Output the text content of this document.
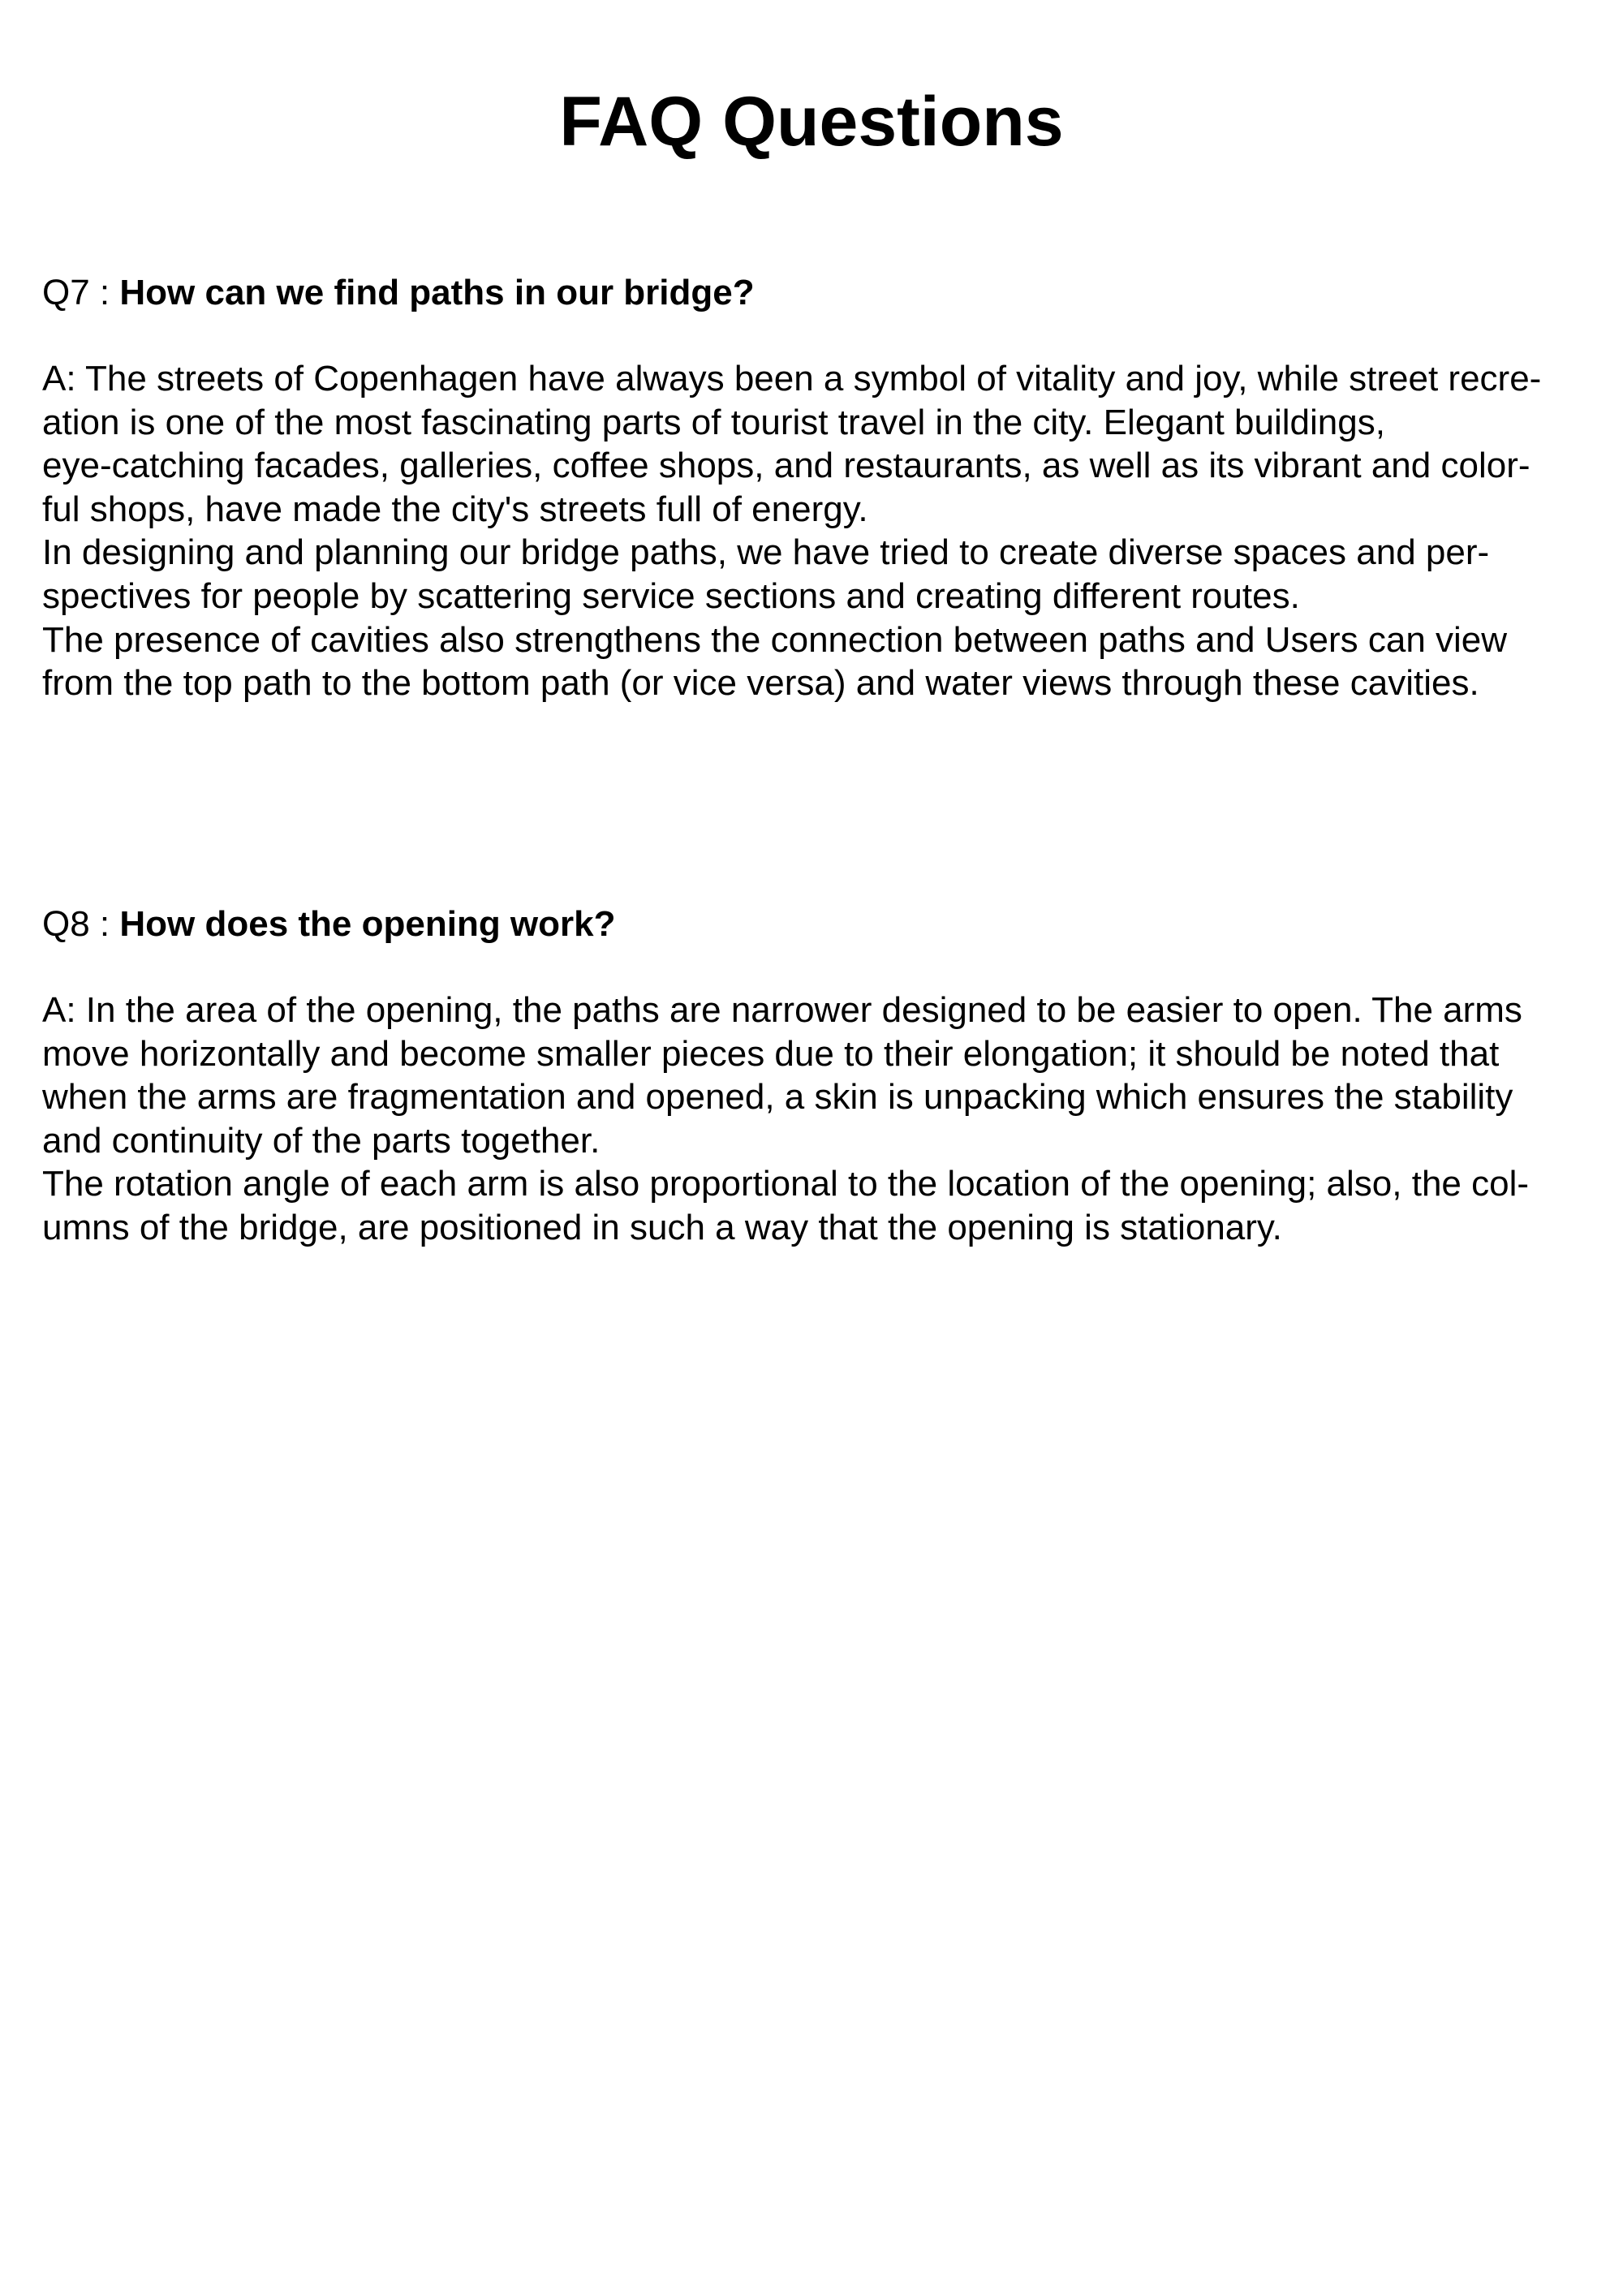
FAQ Questions

Q7 : How can we find paths in our bridge?

A: The streets of Copenhagen have always been a symbol of vitality and joy, while street recre-
ation is one of the most fascinating parts of tourist travel in the city. Elegant buildings,
eye-catching facades, galleries, coffee shops, and restaurants, as well as its vibrant and color-
ful shops, have made the city's streets full of energy.
In designing and planning our bridge paths, we have tried to create diverse spaces and per-
spectives for people by scattering service sections and creating different routes.
The presence of cavities also strengthens the connection between paths and Users can view
from the top path to the bottom path (or vice versa) and water views through these cavities.

Q8 : How does the opening work?

A: In the area of the opening, the paths are narrower designed to be easier to open. The arms
move horizontally and become smaller pieces due to their elongation; it should be noted that
when the arms are fragmentation and opened, a skin is unpacking which ensures the stability
and continuity of the parts together.
The rotation angle of each arm is also proportional to the location of the opening; also, the col-
umns of the bridge, are positioned in such a way that the opening is stationary.
